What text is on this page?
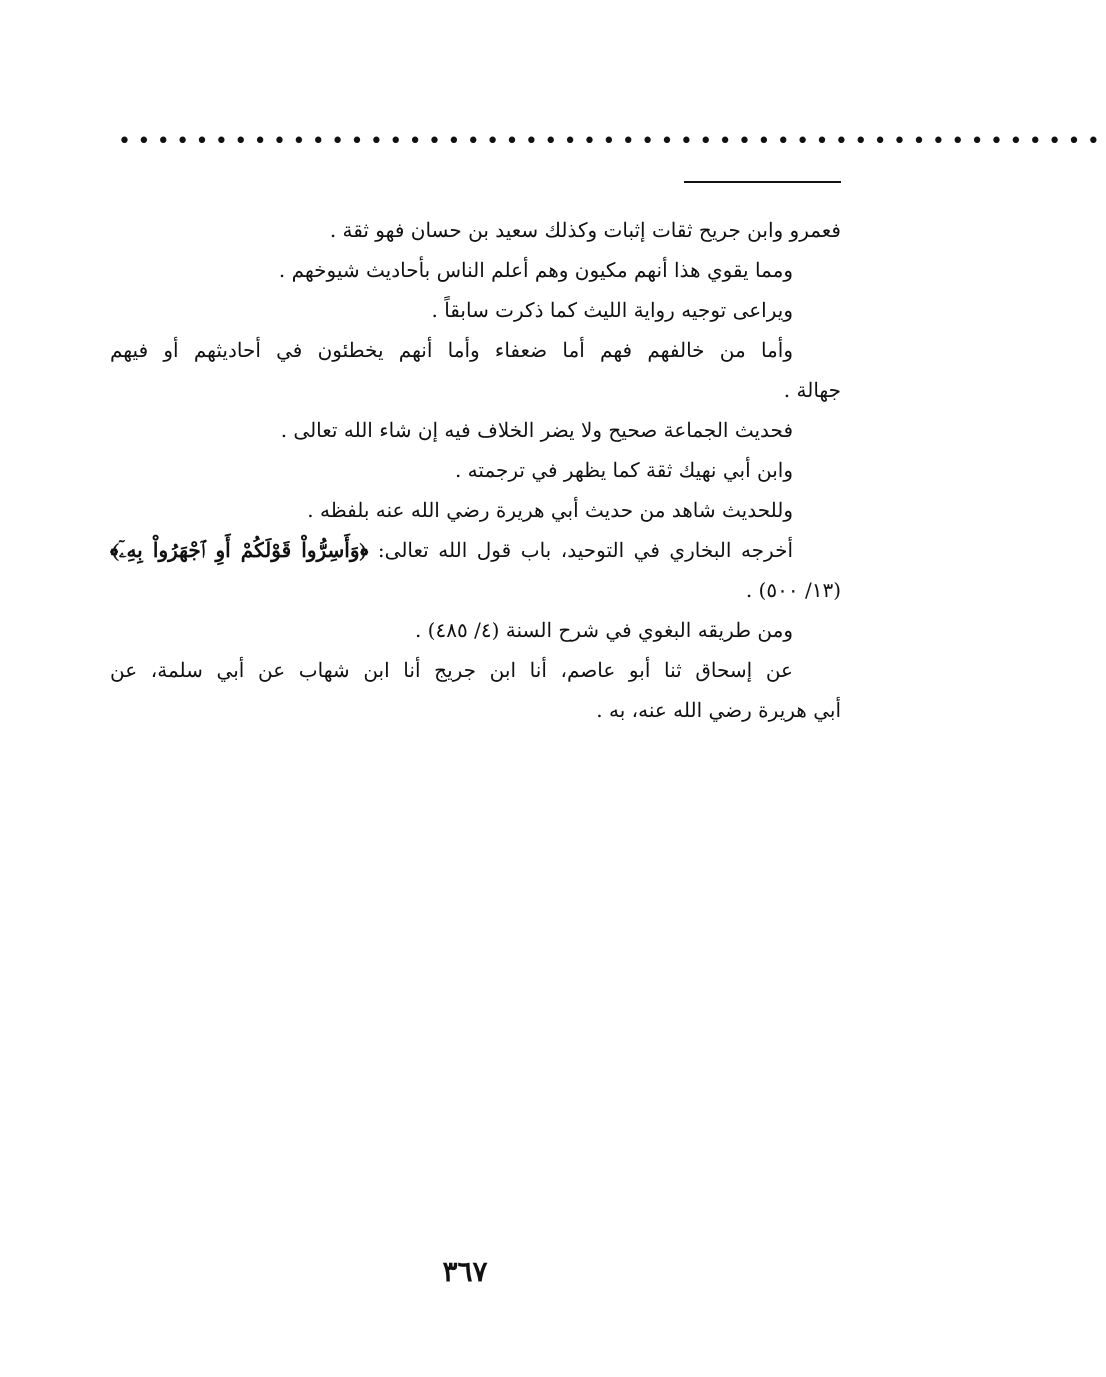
•••••••••••••••••••••••••••••••••••••••••••••••••••
فعمرو وابن جريح ثقات إثبات وكذلك سعيد بن حسان فهو ثقة .
ومما يقوي هذا أنهم مكيون وهم أعلم الناس بأحاديث شيوخهم .
ويراعى توجيه رواية الليث كما ذكرت سابقاً .
وأما من خالفهم فهم أما ضعفاء وأما أنهم يخطئون في أحاديثهم أو فيهم
جهالة .
فحديث الجماعة صحيح ولا يضر الخلاف فيه إن شاء الله تعالى .
وابن أبي نهيك ثقة كما يظهر في ترجمته .
وللحديث شاهد من حديث أبي هريرة رضي الله عنه بلفظه .
أخرجه البخاري في التوحيد، باب قول الله تعالى: ﴿وَأَسِرُّواْ قَوْلَكُمْ أَوِ ٱجْهَرُواْ بِهِۦٓ﴾
(١٣/ ٥٠٠) .
ومن طريقه البغوي في شرح السنة (٤/ ٤٨٥) .
عن إسحاق ثنا أبو عاصم، أنا ابن جريج أنا ابن شهاب عن أبي سلمة، عن
أبي هريرة رضي الله عنه، به .
٣٦٧
